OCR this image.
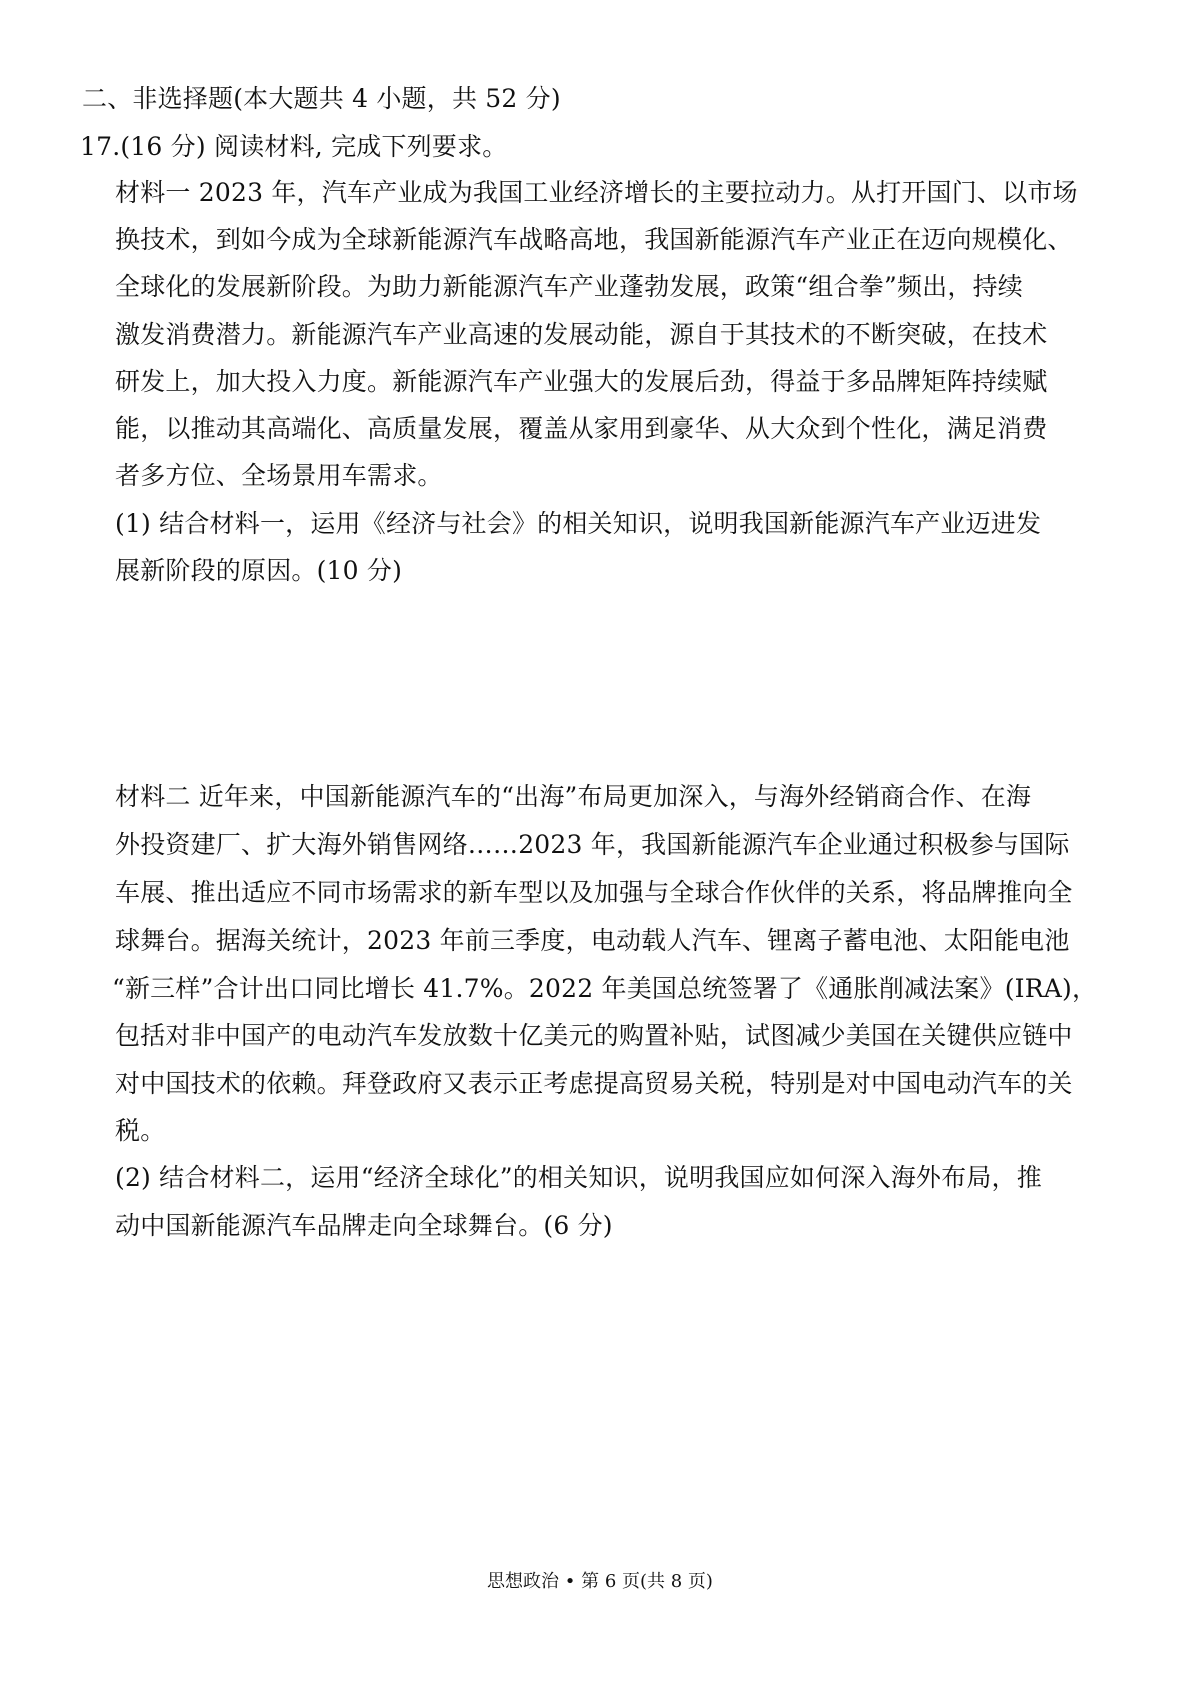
二、非选择题(本大题共 4 小题，共 52 分)
17.(16 分) 阅读材料, 完成下列要求。
材料一 2023 年，汽车产业成为我国工业经济增长的主要拉动力。从打开国门、以市场
换技术，到如今成为全球新能源汽车战略高地，我国新能源汽车产业正在迈向规模化、
全球化的发展新阶段。为助力新能源汽车产业蓬勃发展，政策“组合拳”频出，持续
激发消费潜力。新能源汽车产业高速的发展动能，源自于其技术的不断突破，在技术
研发上，加大投入力度。新能源汽车产业强大的发展后劲，得益于多品牌矩阵持续赋
能，以推动其高端化、高质量发展，覆盖从家用到豪华、从大众到个性化，满足消费
者多方位、全场景用车需求。
(1) 结合材料一，运用《经济与社会》的相关知识，说明我国新能源汽车产业迈进发
展新阶段的原因。(10 分)
材料二 近年来，中国新能源汽车的“出海”布局更加深入，与海外经销商合作、在海
外投资建厂、扩大海外销售网络……2023 年，我国新能源汽车企业通过积极参与国际
车展、推出适应不同市场需求的新车型以及加强与全球合作伙伴的关系，将品牌推向全
球舞台。据海关统计，2023 年前三季度，电动载人汽车、锂离子蓄电池、太阳能电池
“新三样”合计出口同比增长 41.7%。2022 年美国总统签署了《通胀削减法案》(IRA)，
包括对非中国产的电动汽车发放数十亿美元的购置补贴，试图减少美国在关键供应链中
对中国技术的依赖。拜登政府又表示正考虑提高贸易关税，特别是对中国电动汽车的关
税。
(2) 结合材料二，运用“经济全球化”的相关知识，说明我国应如何深入海外布局，推
动中国新能源汽车品牌走向全球舞台。(6 分)
思想政治 • 第 6 页(共 8 页)
